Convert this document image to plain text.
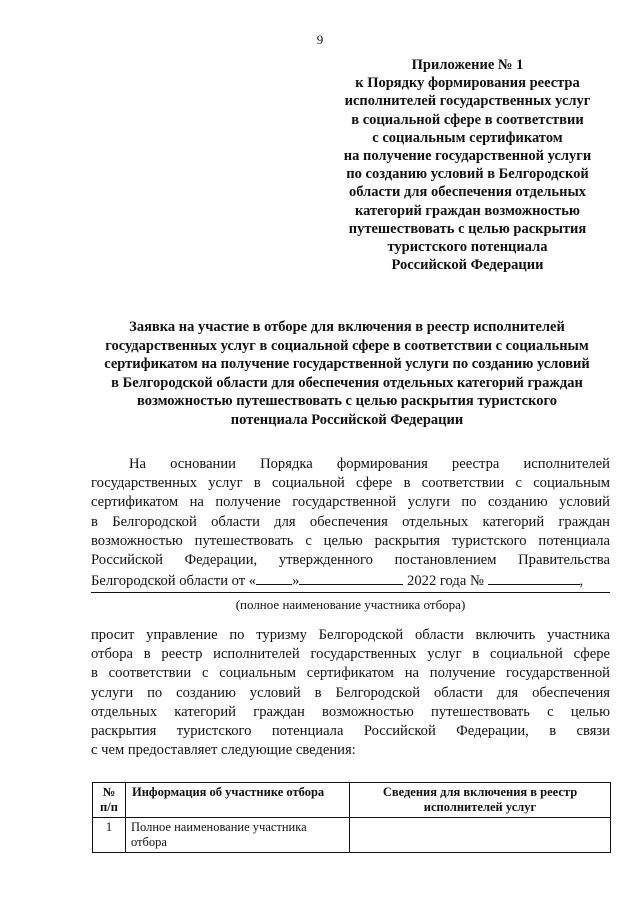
9
Приложение № 1
к Порядку формирования реестра
исполнителей государственных услуг
в социальной сфере в соответствии
с социальным сертификатом
на получение государственной услуги
по созданию условий в Белгородской
области для обеспечения отдельных
категорий граждан возможностью
путешествовать с целью раскрытия
туристского потенциала
Российской Федерации
Заявка на участие в отборе для включения в реестр исполнителей
государственных услуг в социальной сфере в соответствии с социальным
сертификатом на получение государственной услуги по созданию условий
в Белгородской области для обеспечения отдельных категорий граждан
возможностью путешествовать с целью раскрытия туристского
потенциала Российской Федерации
На основании Порядка формирования реестра исполнителей
государственных услуг в социальной сфере в соответствии с социальным
сертификатом на получение государственной услуги по созданию условий
в Белгородской области для обеспечения отдельных категорий граждан
возможностью путешествовать с целью раскрытия туристского потенциала
Российской Федерации, утвержденного постановлением Правительства
Белгородской области от « »	2022 года №	,
(полное наименование участника отбора)
просит управление по туризму Белгородской области включить участника
отбора в реестр исполнителей государственных услуг в социальной сфере
в соответствии с социальным сертификатом на получение государственной
услуги по созданию условий в Белгородской области для обеспечения
отдельных категорий граждан возможностью путешествовать с целью
раскрытия туристского потенциала Российской Федерации, в связи
с чем предоставляет следующие сведения:
№ п/п	Информация об участнике отбора	Сведения для включения в реестр исполнителей услуг
1	Полное наименование участника отбора	
